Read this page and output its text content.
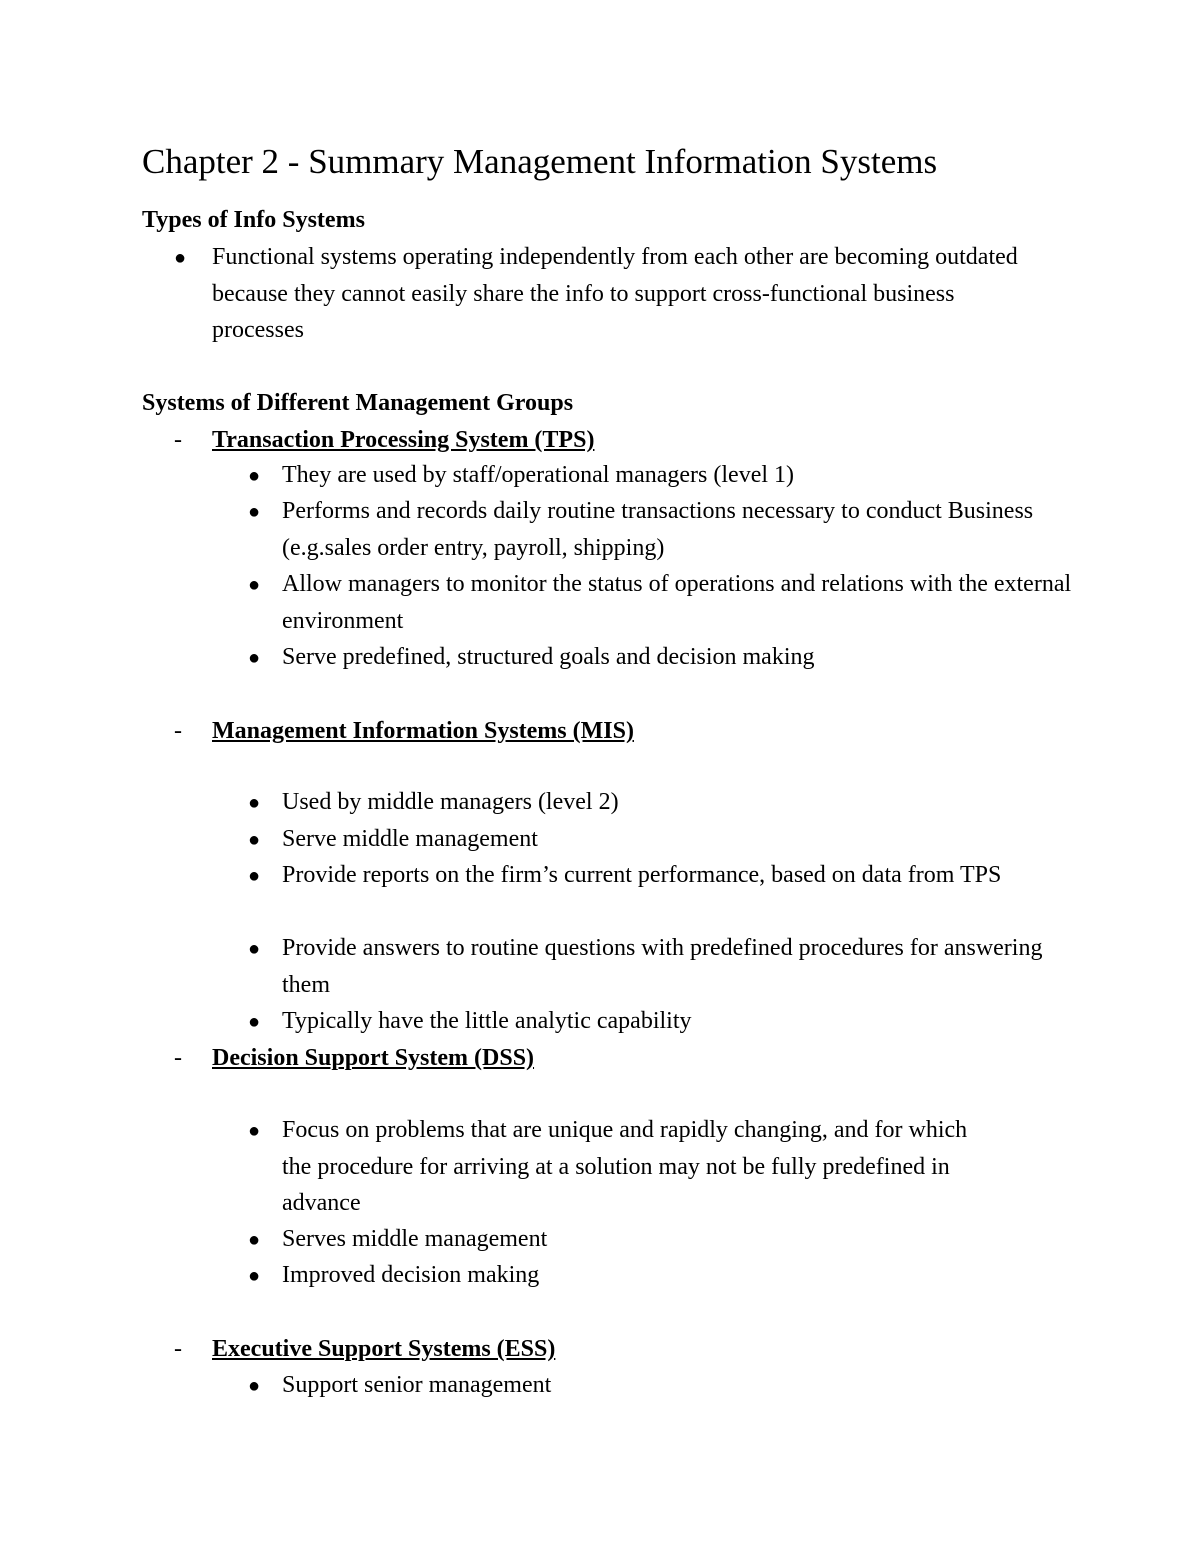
Chapter 2 - Summary Management Information Systems
Types of Info Systems
● Functional systems operating independently from each other are becoming outdated because they cannot easily share the info to support cross-functional business processes
Systems of Different Management Groups
- Transaction Processing System (TPS)
● They are used by staff/operational managers (level 1)
● Performs and records daily routine transactions necessary to conduct Business (e.g.sales order entry, payroll, shipping)
● Allow managers to monitor the status of operations and relations with the external environment
● Serve predefined, structured goals and decision making
- Management Information Systems (MIS)
● Used by middle managers (level 2)
● Serve middle management
● Provide reports on the firm’s current performance, based on data from TPS
● Provide answers to routine questions with predefined procedures for answering them
● Typically have the little analytic capability
- Decision Support System (DSS)
● Focus on problems that are unique and rapidly changing, and for which the procedure for arriving at a solution may not be fully predefined in advance
● Serves middle management
● Improved decision making
- Executive Support Systems (ESS)
● Support senior management
